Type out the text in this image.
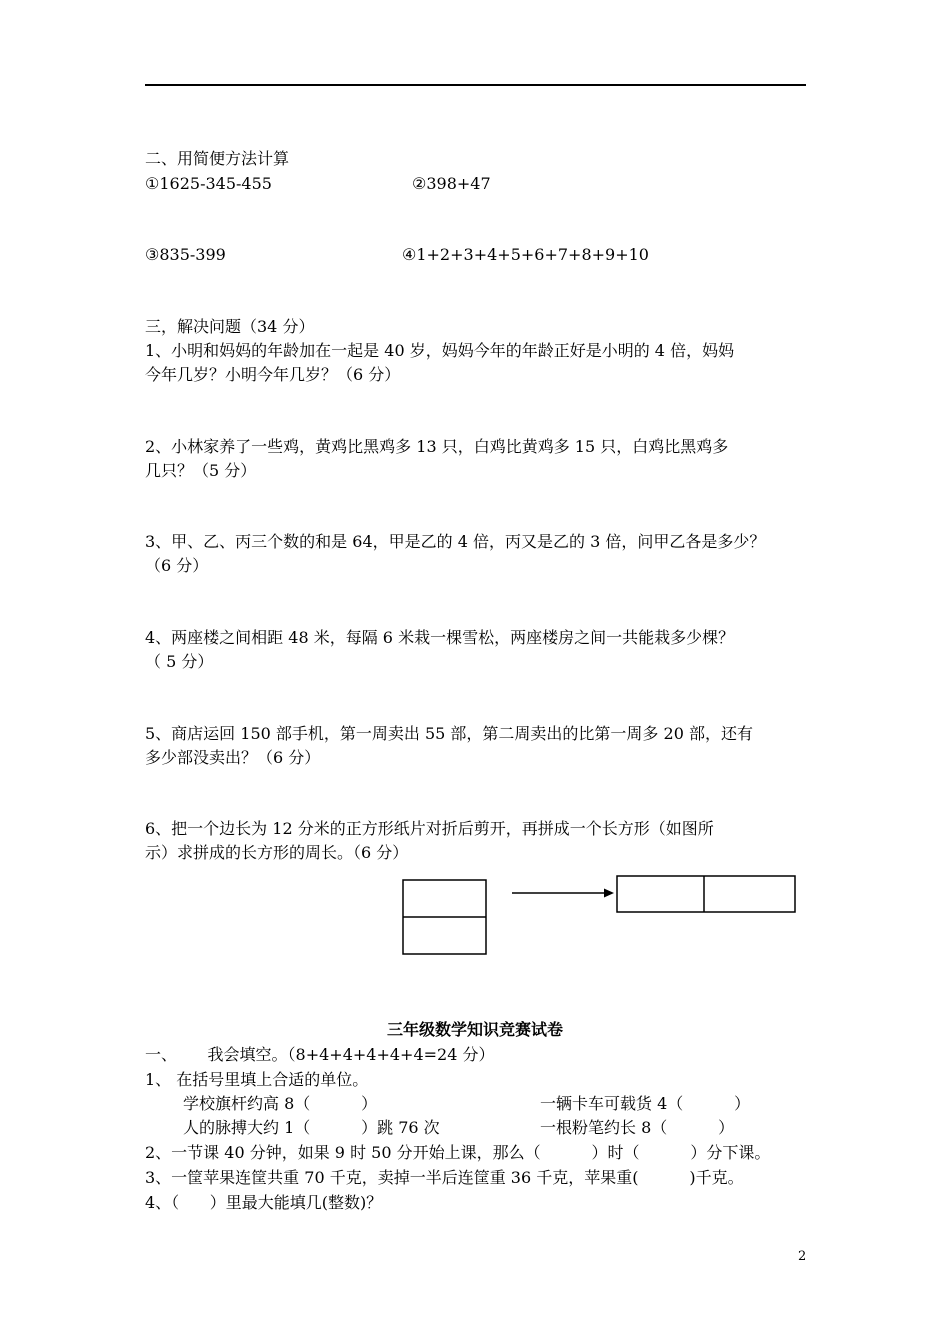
二、用简便方法计算
①1625-345-455	②398+47
③835-399	④1+2+3+4+5+6+7+8+9+10
三，解决问题（34 分）
1、小明和妈妈的年龄加在一起是 40 岁，妈妈今年的年龄正好是小明的 4 倍，妈妈
今年几岁？小明今年几岁？（6 分）
2、小林家养了一些鸡，黄鸡比黑鸡多 13 只，白鸡比黄鸡多 15 只，白鸡比黑鸡多
几只？（5 分）
3、甲、乙、丙三个数的和是 64，甲是乙的 4 倍，丙又是乙的 3 倍，问甲乙各是多少？
（6 分）
4、两座楼之间相距 48 米，每隔 6 米栽一棵雪松，两座楼房之间一共能栽多少棵？
（ 5 分）
5、商店运回 150 部手机，第一周卖出 55 部，第二周卖出的比第一周多 20 部，还有
多少部没卖出？（6 分）
6、把一个边长为 12 分米的正方形纸片对折后剪开，再拼成一个长方形（如图所
示）求拼成的长方形的周长。（6 分）
三年级数学知识竞赛试卷
一、      我会填空。（8+4+4+4+4+4=24 分）
1、 在括号里填上合适的单位。
学校旗杆约高 8（          ）	一辆卡车可载货 4（          ）
人的脉搏大约 1（          ）跳 76 次	一根粉笔约长 8（          ）
2、一节课 40 分钟，如果 9 时 50 分开始上课，那么（          ）时（          ）分下课。
3、一筐苹果连筐共重 70 千克，卖掉一半后连筐重 36 千克，苹果重(          )千克。
4、（      ）里最大能填几(整数)？
2
